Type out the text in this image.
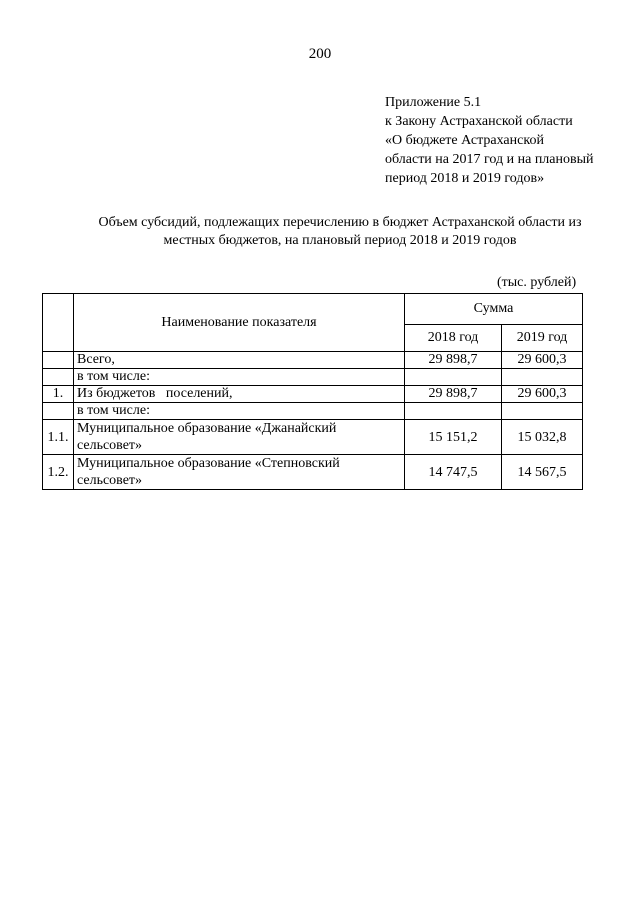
200
Приложение 5.1
к Закону Астраханской области
«О бюджете Астраханской
области на 2017 год и на плановый
период 2018 и 2019 годов»
Объем субсидий, подлежащих перечислению в бюджет Астраханской области из
местных бюджетов, на плановый период 2018 и 2019 годов
(тыс. рублей)
	Наименование показателя	Сумма	
		2018 год	2019 год
	Всего,	29 898,7	29 600,3
	в том числе:		
1.	Из бюджетов   поселений,	29 898,7	29 600,3
	в том числе:		
1.1.	Муниципальное образование «Джанайский сельсовет»	15 151,2	15 032,8
1.2.	Муниципальное образование «Степновский сельсовет»	14 747,5	14 567,5
